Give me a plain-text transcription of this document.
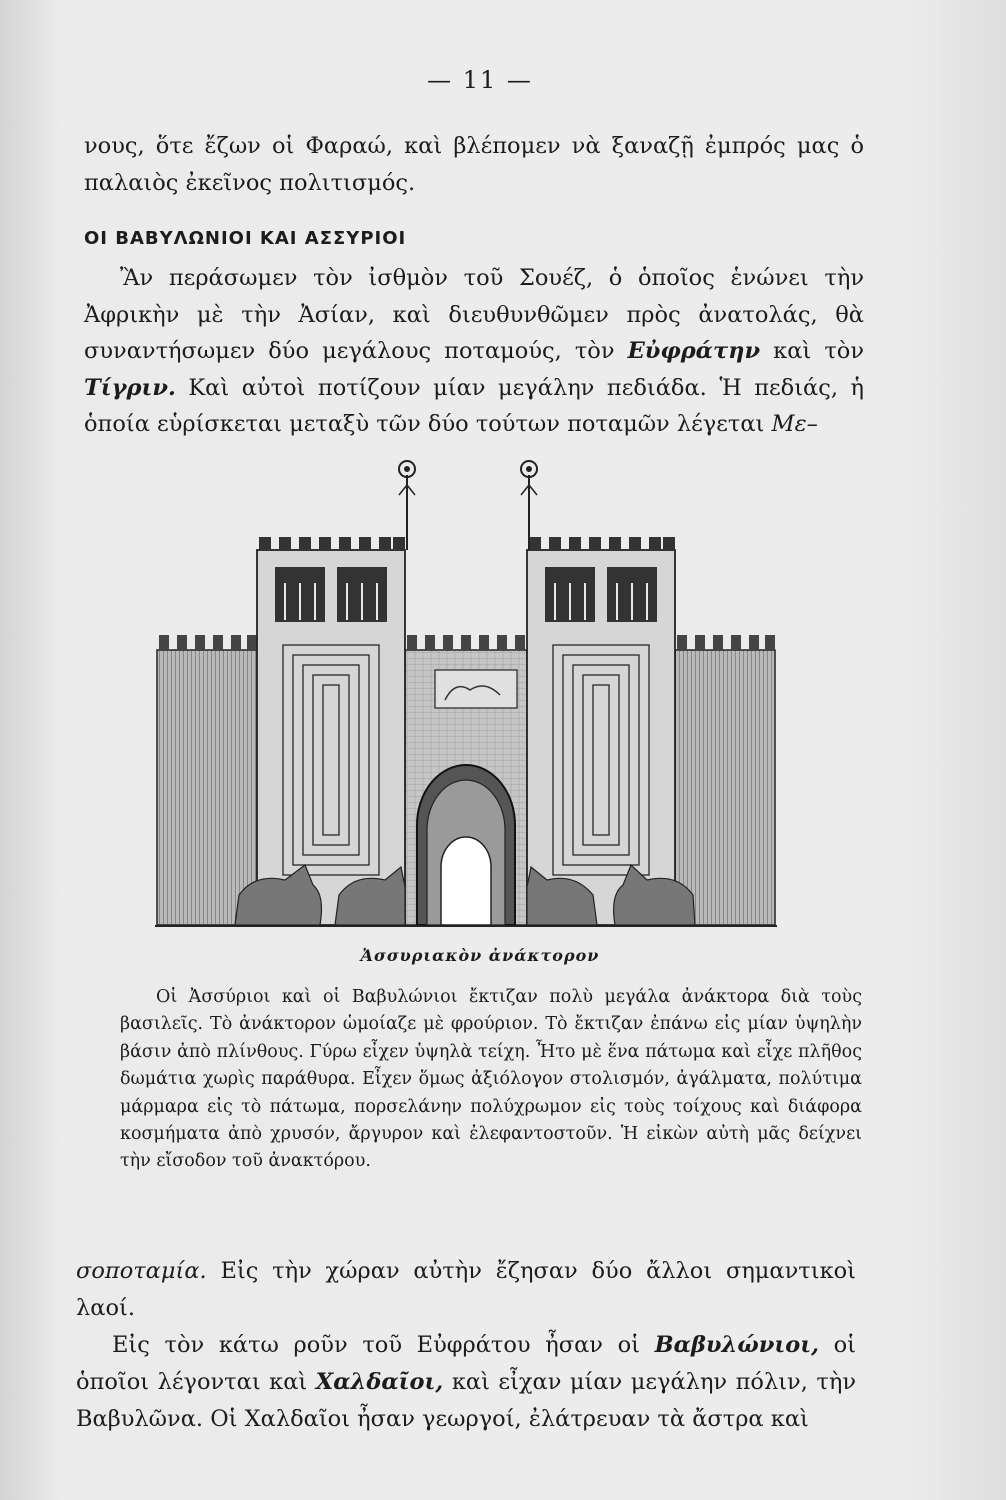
— 11 —

νους, ὅτε ἔζων οἱ Φαραώ, καὶ βλέπομεν νὰ ξαναζῇ ἐμπρός μας ὁ παλαιὸς ἐκεῖνος πολιτισμός.

ΟΙ ΒΑΒΥΛΩΝΙΟΙ ΚΑΙ ΑΣΣΥΡΙΟΙ

Ἂν περάσωμεν τὸν ἰσθμὸν τοῦ Σουέζ, ὁ ὁποῖος ἑνώνει τὴν Ἀφρικὴν μὲ τὴν Ἀσίαν, καὶ διευθυνθῶμεν πρὸς ἀνατολάς, θὰ συναντήσωμεν δύο μεγάλους ποταμούς, τὸν Εὐφράτην καὶ τὸν Τίγριν. Καὶ αὐτοὶ ποτίζουν μίαν μεγάλην πεδιάδα. Ἡ πεδιάς, ἡ ὁποία εὑρίσκεται μεταξὺ τῶν δύο τούτων ποταμῶν λέγεται Με–

Ἀσσυριακὸν ἀνάκτορον

Οἱ Ἀσσύριοι καὶ οἱ Βαβυλώνιοι ἔκτιζαν πολὺ μεγάλα ἀνάκτορα διὰ τοὺς βασιλεῖς. Τὸ ἀνάκτορον ὡμοίαζε μὲ φρούριον. Τὸ ἔκτιζαν ἐπάνω εἰς μίαν ὑψηλὴν βάσιν ἀπὸ πλίνθους. Γύρω εἶχεν ὑψηλὰ τείχη. Ἦτο μὲ ἕνα πάτωμα καὶ εἶχε πλῆθος δωμάτια χωρὶς παράθυρα. Εἶχεν ὅμως ἀξιόλογον στολισμόν, ἀγάλματα, πολύτιμα μάρμαρα εἰς τὸ πάτωμα, πορσελάνην πολύχρωμον εἰς τοὺς τοίχους καὶ διάφορα κοσμήματα ἀπὸ χρυσόν, ἄργυρον καὶ ἐλεφαντοστοῦν. Ἡ εἰκὼν αὐτὴ μᾶς δείχνει τὴν εἴσοδον τοῦ ἀνακτόρου.

σοποταμία. Εἰς τὴν χώραν αὐτὴν ἔζησαν δύο ἄλλοι σημαντικοὶ λαοί.

Εἰς τὸν κάτω ροῦν τοῦ Εὐφράτου ἦσαν οἱ Βαβυλώνιοι, οἱ ὁποῖοι λέγονται καὶ Χαλδαῖοι, καὶ εἶχαν μίαν μεγάλην πόλιν, τὴν Βαβυλῶνα. Οἱ Χαλδαῖοι ἦσαν γεωργοί, ἐλάτρευαν τὰ ἄστρα καὶ
